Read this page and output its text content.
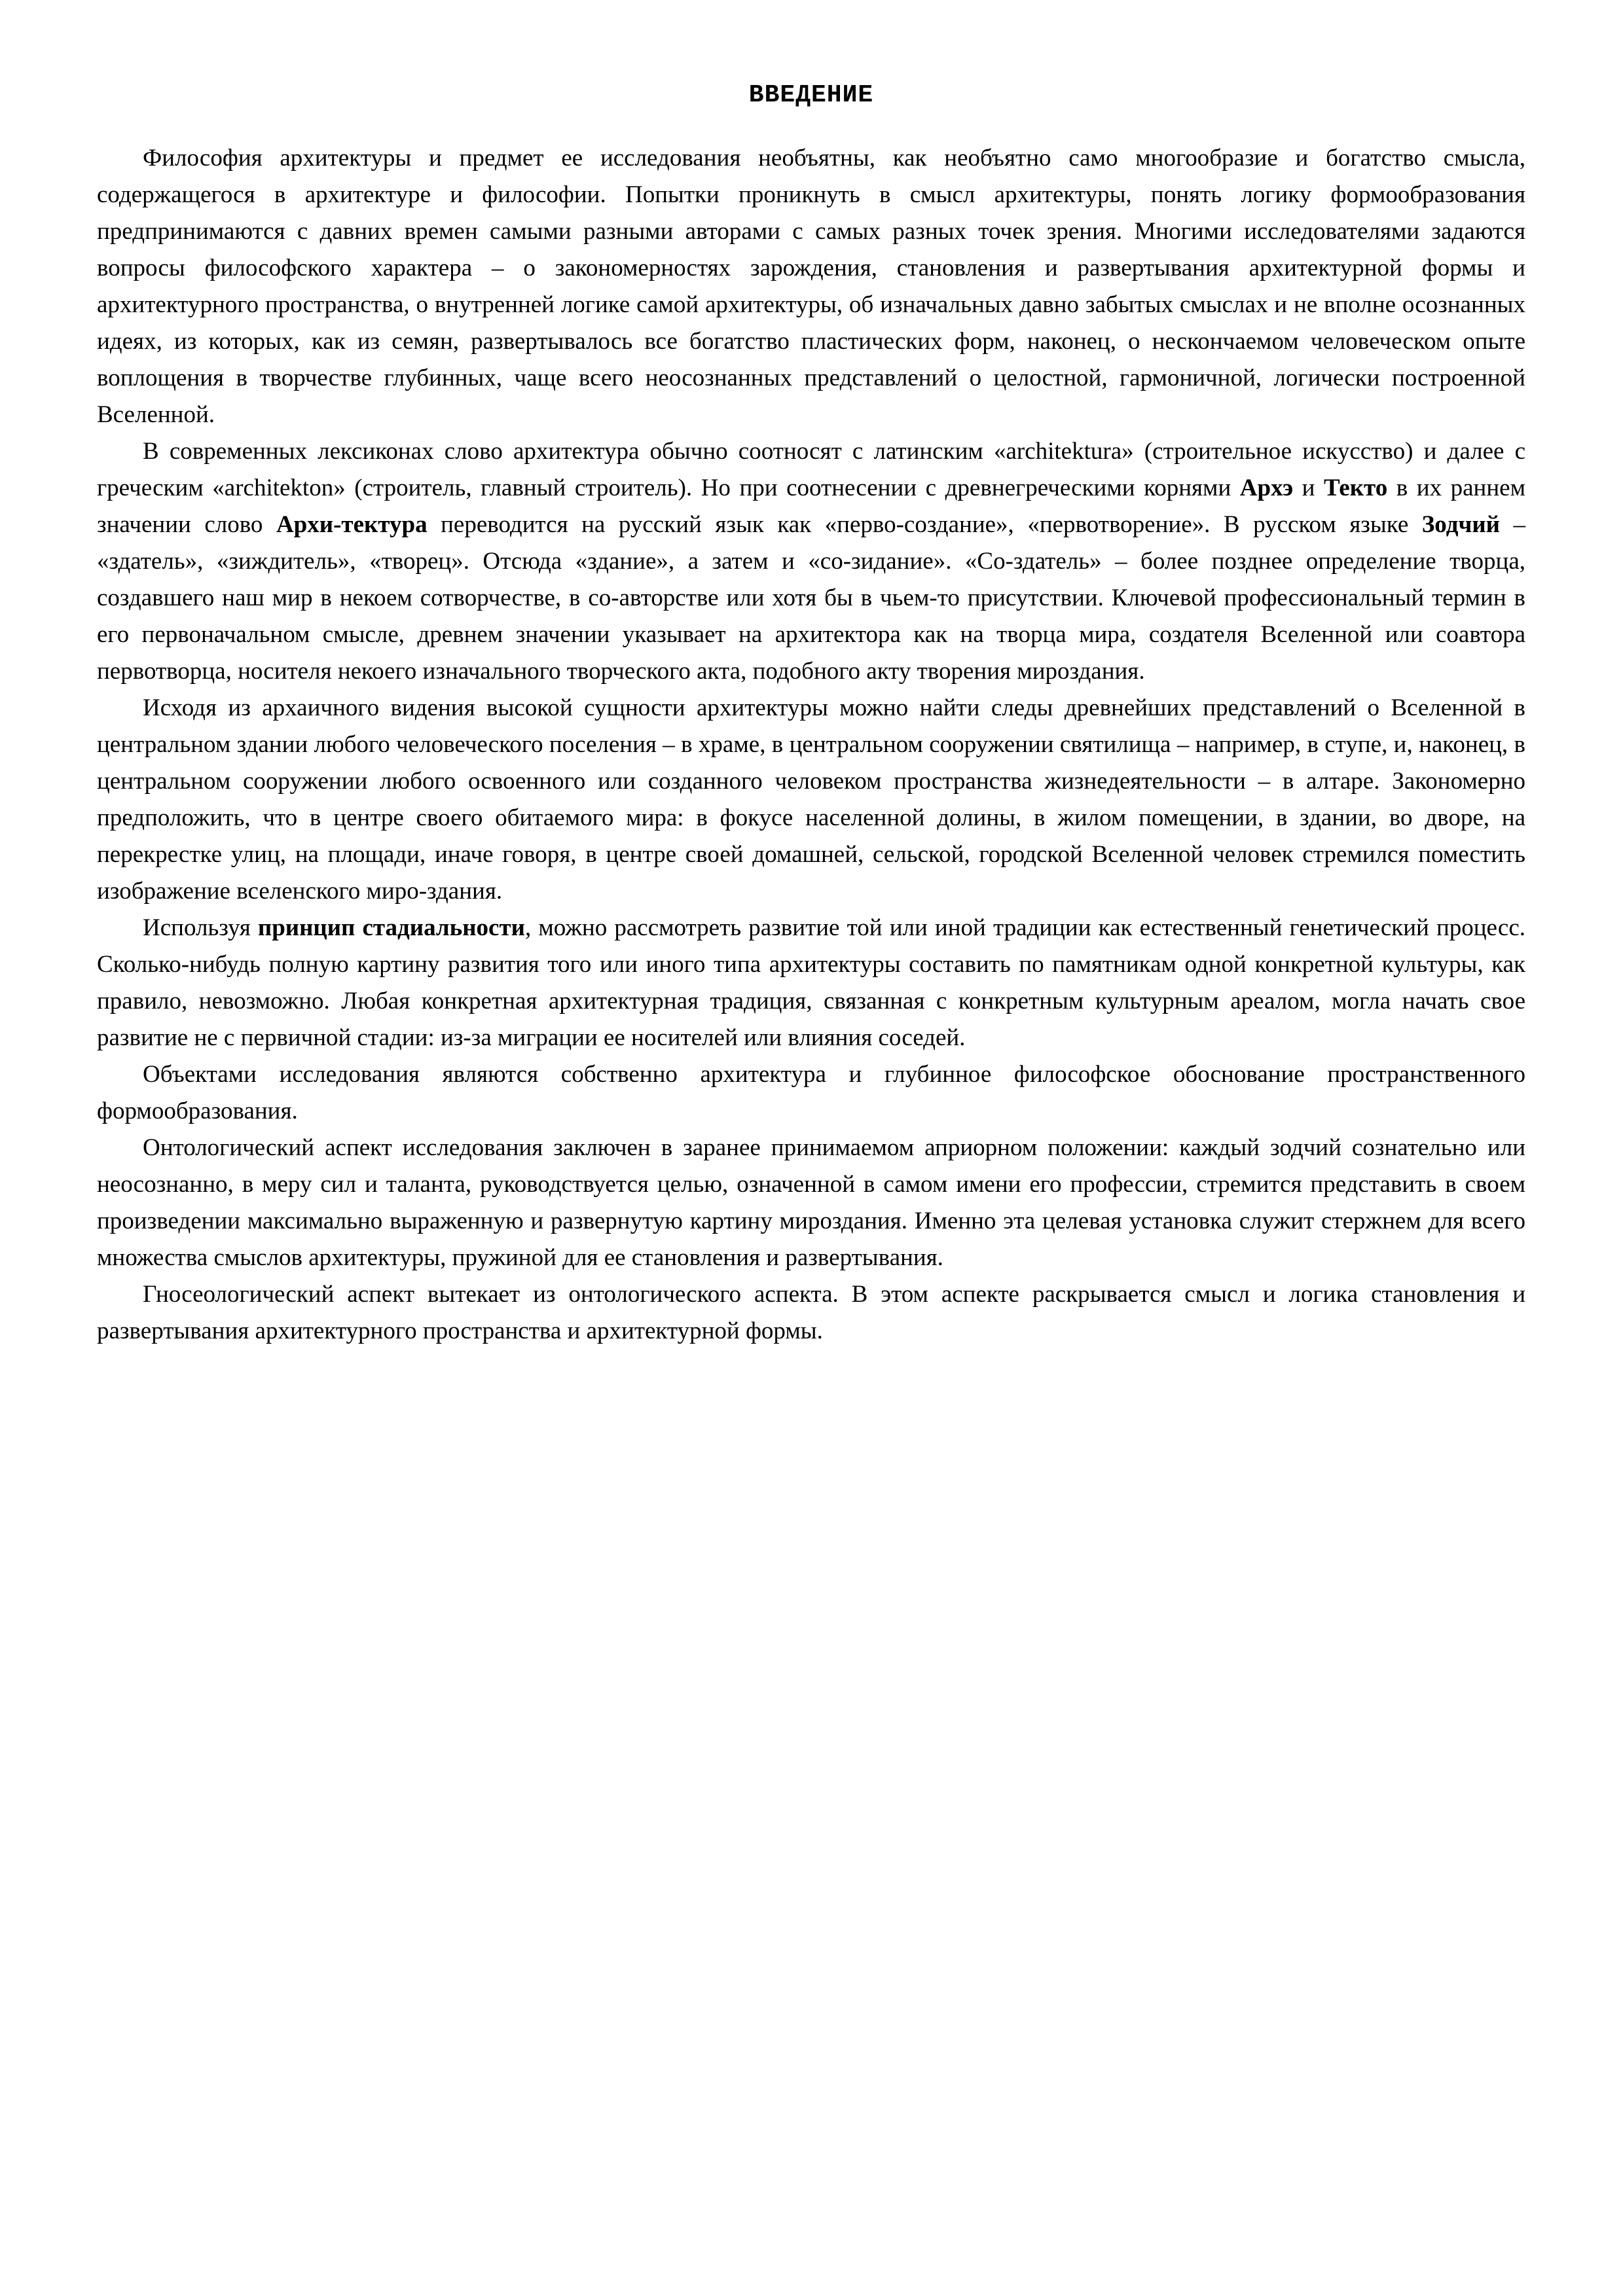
ВВЕДЕНИЕ

Философия архитектуры и предмет ее исследования необъятны, как необъятно само многообразие и богатство смысла, содержащегося в архитектуре и философии. Попытки проникнуть в смысл архитектуры, понять логику формообразования предпринимаются с давних времен самыми разными авторами с самых разных точек зрения. Многими исследователями задаются вопросы философского характера – о закономерностях зарождения, становления и развертывания архитектурной формы и архитектурного пространства, о внутренней логике самой архитектуры, об изначальных давно забытых смыслах и не вполне осознанных идеях, из которых, как из семян, развертывалось все богатство пластических форм, наконец, о нескончаемом человеческом опыте воплощения в творчестве глубинных, чаще всего неосознанных представлений о целостной, гармоничной, логически построенной Вселенной.

В современных лексиконах слово архитектура обычно соотносят с латинским «architektura» (строительное искусство) и далее с греческим «architekton» (строитель, главный строитель). Но при соотнесении с древнегреческими корнями Архэ и Текто в их раннем значении слово Архи-тектура переводится на русский язык как «перво-создание», «первотворение». В русском языке Зодчий – «здатель», «зиждитель», «творец». Отсюда «здание», а затем и «со-зидание». «Со-здатель» – более позднее определение творца, создавшего наш мир в некоем сотворчестве, в со-авторстве или хотя бы в чьем-то присутствии. Ключевой профессиональный термин в его первоначальном смысле, древнем значении указывает на архитектора как на творца мира, создателя Вселенной или соавтора первотворца, носителя некоего изначального творческого акта, подобного акту творения мироздания.

Исходя из архаичного видения высокой сущности архитектуры можно найти следы древнейших представлений о Вселенной в центральном здании любого человеческого поселения – в храме, в центральном сооружении святилища – например, в ступе, и, наконец, в центральном сооружении любого освоенного или созданного человеком пространства жизнедеятельности – в алтаре. Закономерно предположить, что в центре своего обитаемого мира: в фокусе населенной долины, в жилом помещении, в здании, во дворе, на перекрестке улиц, на площади, иначе говоря, в центре своей домашней, сельской, городской Вселенной человек стремился поместить изображение вселенского миро-здания.

Используя принцип стадиальности, можно рассмотреть развитие той или иной традиции как естественный генетический процесс. Сколько-нибудь полную картину развития того или иного типа архитектуры составить по памятникам одной конкретной культуры, как правило, невозможно. Любая конкретная архитектурная традиция, связанная с конкретным культурным ареалом, могла начать свое развитие не с первичной стадии: из-за миграции ее носителей или влияния соседей.

Объектами исследования являются собственно архитектура и глубинное философское обоснование пространственного формообразования.

Онтологический аспект исследования заключен в заранее принимаемом априорном положении: каждый зодчий сознательно или неосознанно, в меру сил и таланта, руководствуется целью, означенной в самом имени его профессии, стремится представить в своем произведении максимально выраженную и развернутую картину мироздания. Именно эта целевая установка служит стержнем для всего множества смыслов архитектуры, пружиной для ее становления и развертывания.

Гносеологический аспект вытекает из онтологического аспекта. В этом аспекте раскрывается смысл и логика становления и развертывания архитектурного пространства и архитектурной формы.
